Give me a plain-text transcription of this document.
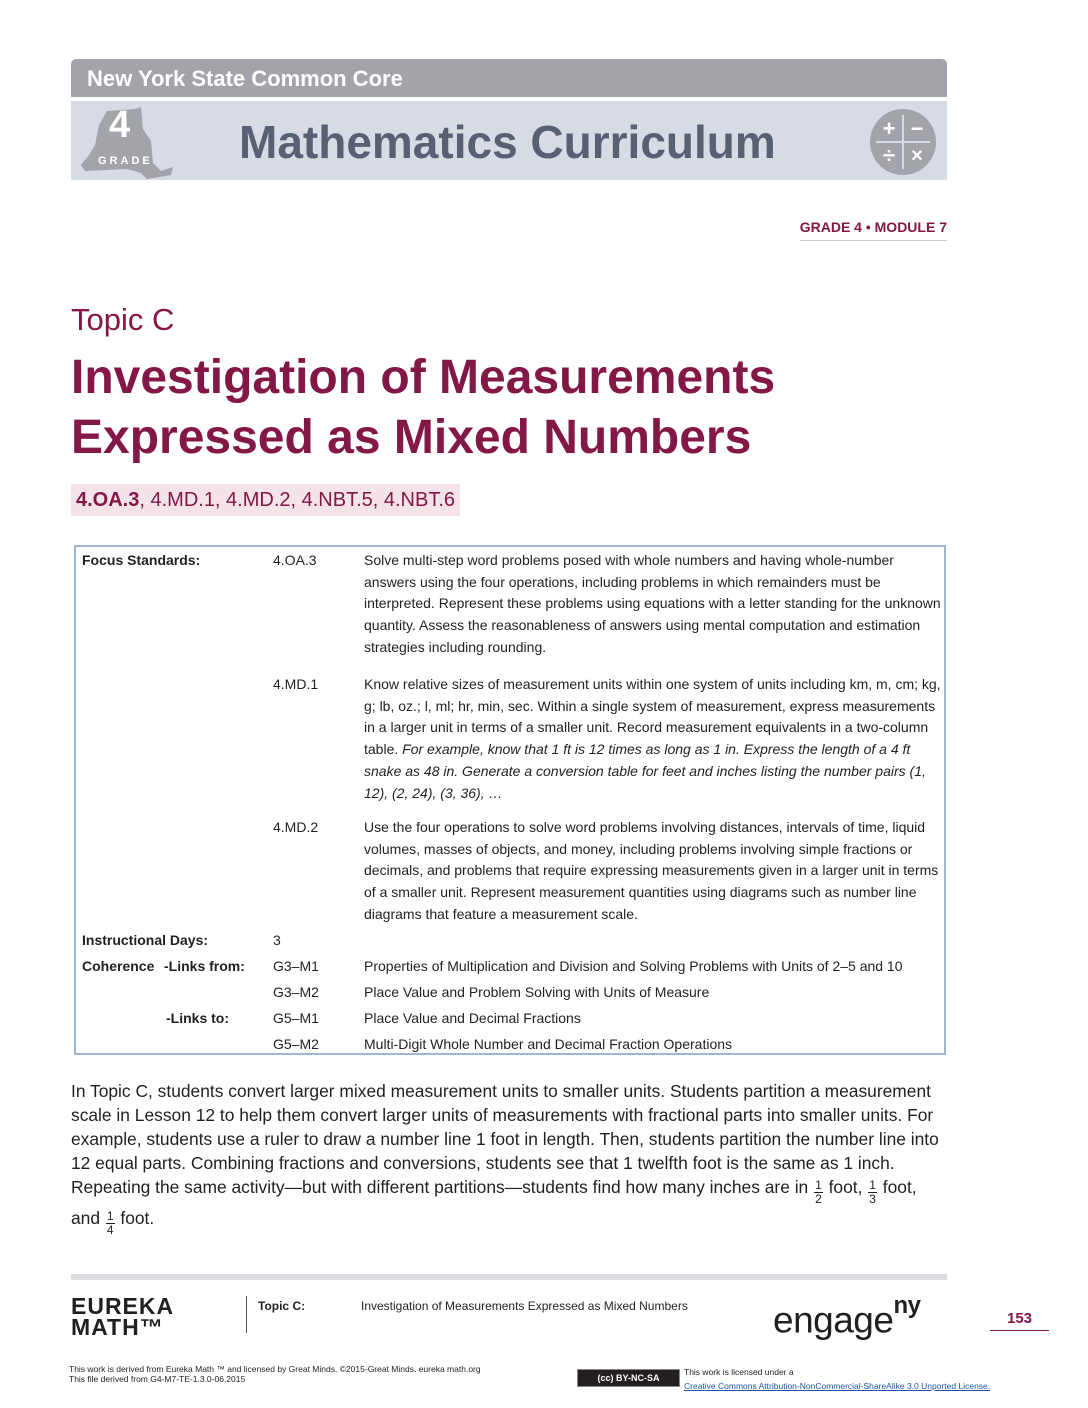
New York State Common Core
4
GRADE Mathematics Curriculum	+ −
÷ ×
GRADE 4 • MODULE 7
Topic C
Investigation of Measurements
Expressed as Mixed Numbers
4.OA.3, 4.MD.1, 4.MD.2, 4.NBT.5, 4.NBT.6
Focus Standards:	4.OA.3	Solve multi-step word problems posed with whole numbers and having whole-number answers using the four operations, including problems in which remainders must be interpreted. Represent these problems using equations with a letter standing for the unknown quantity. Assess the reasonableness of answers using mental computation and estimation strategies including rounding.
4.MD.1	Know relative sizes of measurement units within one system of units including km, m, cm; kg, g; lb, oz.; l, ml; hr, min, sec. Within a single system of measurement, express measurements in a larger unit in terms of a smaller unit. Record measurement equivalents in a two-column table. For example, know that 1 ft is 12 times as long as 1 in. Express the length of a 4 ft snake as 48 in. Generate a conversion table for feet and inches listing the number pairs (1, 12), (2, 24), (3, 36), …
4.MD.2	Use the four operations to solve word problems involving distances, intervals of time, liquid volumes, masses of objects, and money, including problems involving simple fractions or decimals, and problems that require expressing measurements given in a larger unit in terms of a smaller unit. Represent measurement quantities using diagrams such as number line diagrams that feature a measurement scale.
Instructional Days:	3
Coherence -Links from: G3–M1	Properties of Multiplication and Division and Solving Problems with Units of 2–5 and 10
G3–M2	Place Value and Problem Solving with Units of Measure
-Links to:	G5–M1	Place Value and Decimal Fractions
G5–M2	Multi-Digit Whole Number and Decimal Fraction Operations
In Topic C, students convert larger mixed measurement units to smaller units. Students partition a measurement scale in Lesson 12 to help them convert larger units of measurements with fractional parts into smaller units. For example, students use a ruler to draw a number line 1 foot in length. Then, students partition the number line into 12 equal parts. Combining fractions and conversions, students see that 1 twelfth foot is the same as 1 inch. Repeating the same activity—but with different partitions—students find how many inches are in $\frac{1}{2}$ foot, $\frac{1}{3}$ foot, and $\frac{1}{4}$ foot.
EUREKA
MATH™
Topic C:	Investigation of Measurements Expressed as Mixed Numbers engage$^{ny}$	153
This work is derived from Eureka Math ™ and licensed by Great Minds. ©2015-Great Minds. eureka math.org
This file derived from G4-M7-TE-1.3.0-06.2015	(cc) BY-NC-SA
This work is licensed under a
Creative Commons Attribution-NonCommercial-ShareAlike 3.0 Unported License.
